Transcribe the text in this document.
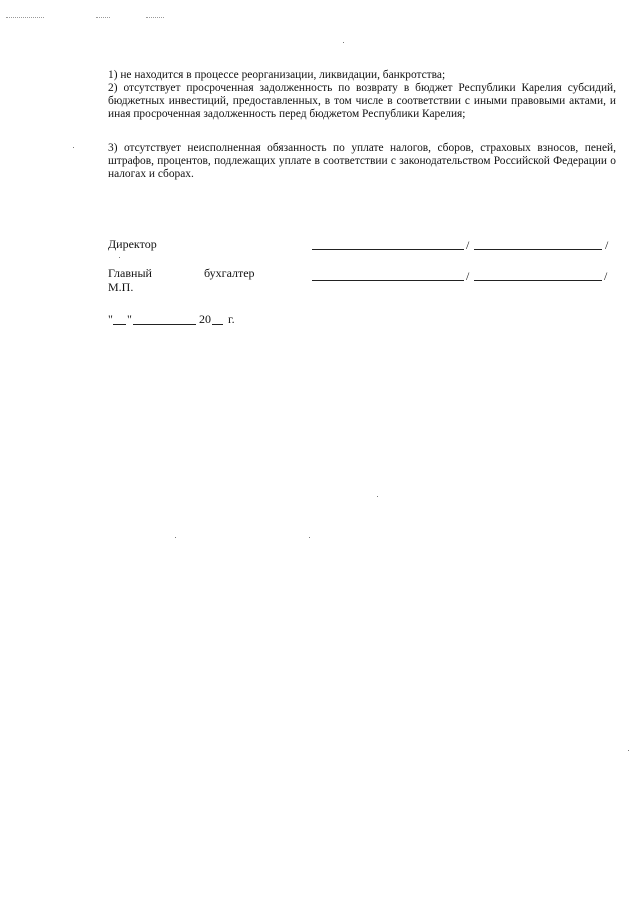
1) не находится в процессе реорганизации, ликвидации, банкротства;

2) отсутствует просроченная задолженность по возврату в бюджет Республики Карелия субсидий, бюджетных инвестиций, предоставленных, в том числе в соответствии с иными правовыми актами, и иная просроченная задолженность перед бюджетом Республики Карелия;

3) отсутствует неисполненная обязанность по уплате налогов, сборов, страховых взносов, пеней, штрафов, процентов, подлежащих уплате в соответствии с законодательством Российской Федерации о налогах и сборах.

Директор	/	/

Главный	бухгалтер	/	/

М.П.

" "	20 г.
